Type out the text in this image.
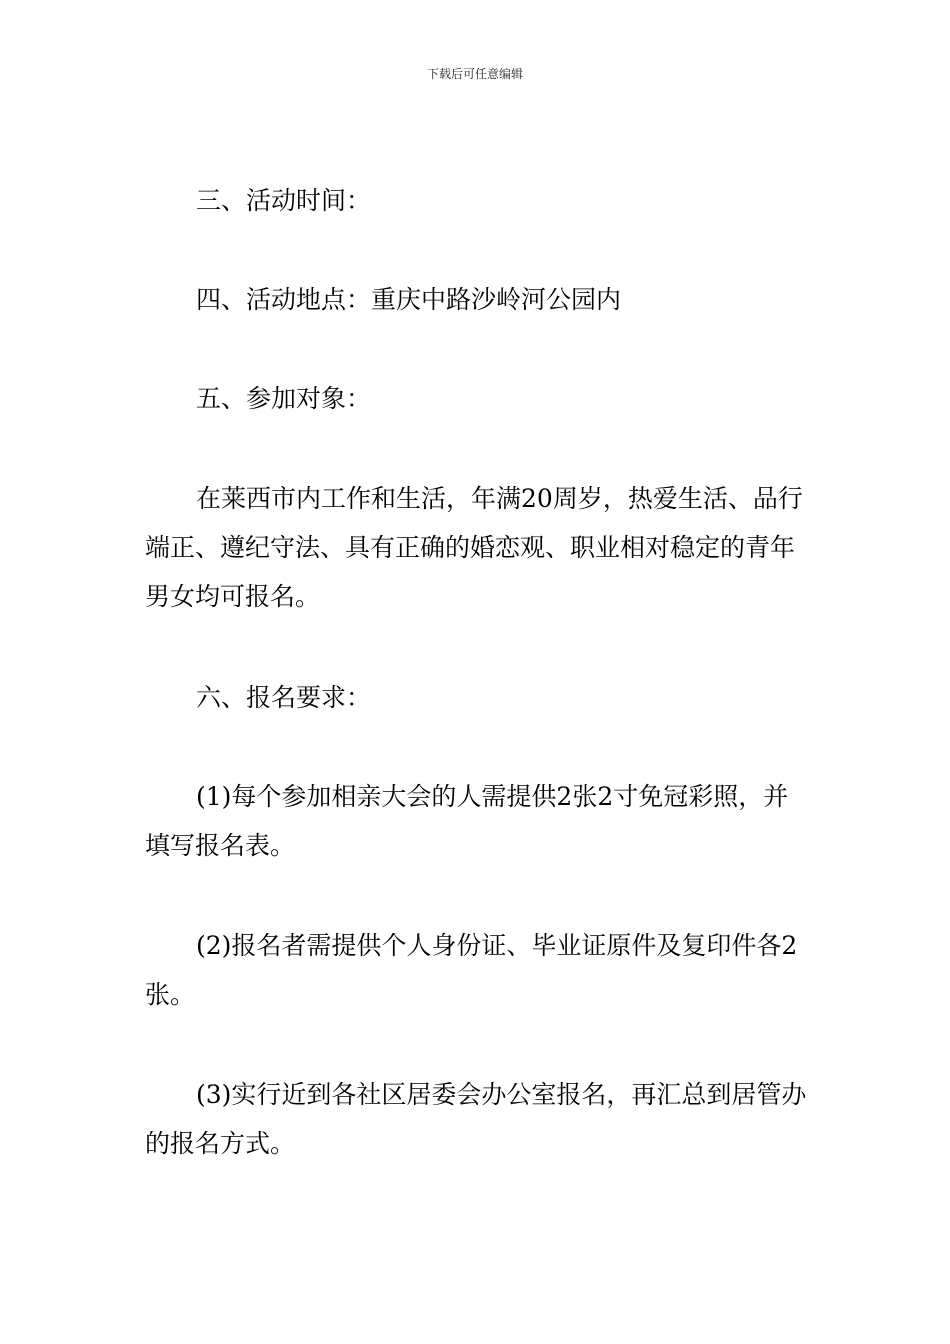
下载后可任意编辑
三、活动时间：
四、活动地点：重庆中路沙岭河公园内
五、参加对象：

在莱西市内工作和生活，年满20周岁，热爱生活、品行端正、遵纪守法、具有正确的婚恋观、职业相对稳定的青年男女均可报名。

六、报名要求：

(1)每个参加相亲大会的人需提供2张2寸免冠彩照，并填写报名表。

(2)报名者需提供个人身份证、毕业证原件及复印件各2张。

(3)实行近到各社区居委会办公室报名，再汇总到居管办的报名方式。
